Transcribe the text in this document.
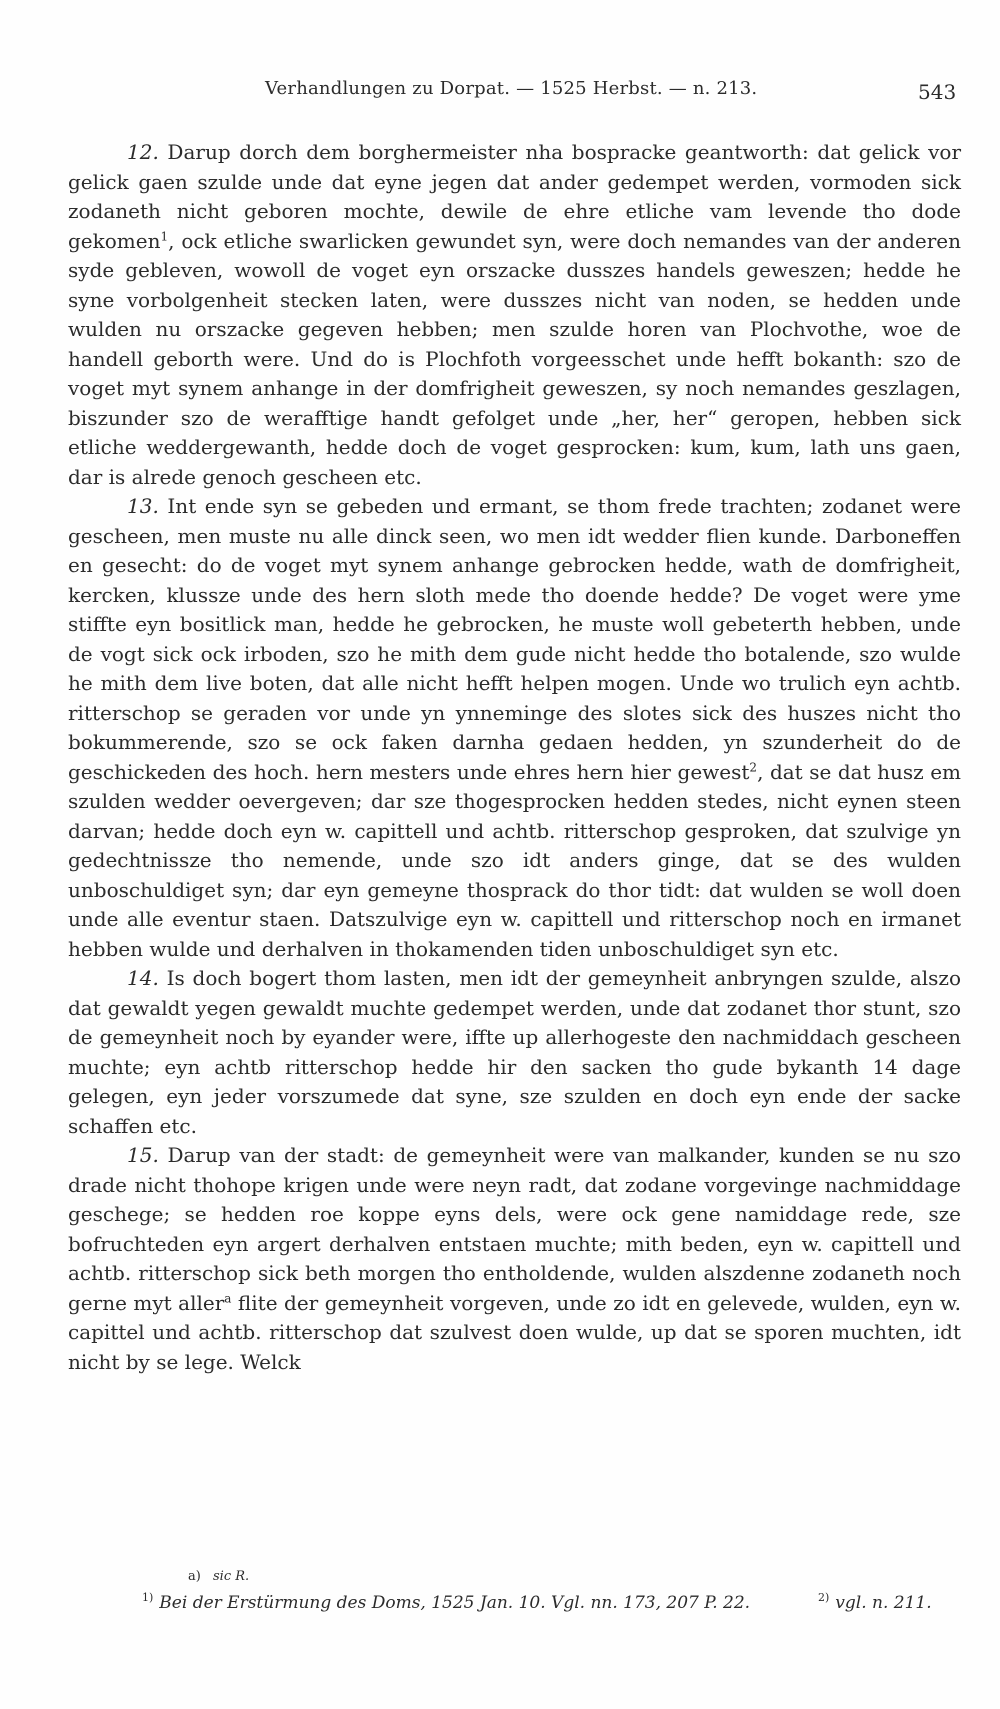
Verhandlungen zu Dorpat. — 1525 Herbst. — n. 213.	543

12. Darup dorch dem borghermeister nha bospracke geantworth: dat gelick vor gelick gaen szulde unde dat eyne jegen dat ander gedempet werden, vormoden sick zodaneth nicht geboren mochte, dewile de ehre etliche vam levende tho dode gekomen$^1$, ock etliche swarlicken gewundet syn, were doch nemandes van der anderen syde gebleven, wowoll de voget eyn orszacke dusszes handels geweszen; hedde he syne vorbolgenheit stecken laten, were dusszes nicht van noden, se hedden unde wulden nu orszacke gegeven hebben; men szulde horen van Plochvothe, woe de handell geborth were. Und do is Plochfoth vorgeesschet unde hefft bokanth: szo de voget myt synem anhange in der domfrigheit geweszen, sy noch nemandes geszlagen, biszunder szo de werafftige handt gefolget unde „her, her“ geropen, hebben sick etliche weddergewanth, hedde doch de voget gesprocken: kum, kum, lath uns gaen, dar is alrede genoch gescheen etc.

13. Int ende syn se gebeden und ermant, se thom frede trachten; zodanet were gescheen, men muste nu alle dinck seen, wo men idt wedder flien kunde. Darboneffen en gesecht: do de voget myt synem anhange gebrocken hedde, wath de domfrigheit, kercken, klussze unde des hern sloth mede tho doende hedde? De voget were yme stiffte eyn bositlick man, hedde he gebrocken, he muste woll gebeterth hebben, unde de vogt sick ock irboden, szo he mith dem gude nicht hedde tho botalende, szo wulde he mith dem live boten, dat alle nicht hefft helpen mogen. Unde wo trulich eyn achtb. ritterschop se geraden vor unde yn ynneminge des slotes sick des huszes nicht tho bokummerende, szo se ock faken darnha gedaen hedden, yn szunderheit do de geschickeden des hoch. hern mesters unde ehres hern hier gewest$^2$, dat se dat husz em szulden wedder oevergeven; dar sze thogesprocken hedden stedes, nicht eynen steen darvan; hedde doch eyn w. capittell und achtb. ritterschop gesproken, dat szulvige yn gedechtnissze tho nemende, unde szo idt anders ginge, dat se des wulden unboschuldiget syn; dar eyn gemeyne thosprack do thor tidt: dat wulden se woll doen unde alle eventur staen. Datszulvige eyn w. capittell und ritterschop noch en irmanet hebben wulde und derhalven in thokamenden tiden unboschuldiget syn etc.

14. Is doch bogert thom lasten, men idt der gemeynheit anbryngen szulde, alszo dat gewaldt yegen gewaldt muchte gedempet werden, unde dat zodanet thor stunt, szo de gemeynheit noch by eyander were, iffte up allerhogeste den nachmiddach gescheen muchte; eyn achtb ritterschop hedde hir den sacken tho gude bykanth 14 dage gelegen, eyn jeder vorszumede dat syne, sze szulden en doch eyn ende der sacke schaffen etc.

15. Darup van der stadt: de gemeynheit were van malkander, kunden se nu szo drade nicht thohope krigen unde were neyn radt, dat zodane vorgevinge nachmiddage geschege; se hedden roe koppe eyns dels, were ock gene namiddage rede, sze bofruchteden eyn argert derhalven entstaen muchte; mith beden, eyn w. capittell und achtb. ritterschop sick beth morgen tho entholdende, wulden alszdenne zodaneth noch gerne myt aller$^a$ flite der gemeynheit vorgeven, unde zo idt en gelevede, wulden, eyn w. capittel und achtb. ritterschop dat szulvest doen wulde, up dat se sporen muchten, idt nicht by se lege. Welck

a) sic R.
$^{1)}$ Bei der Erstürmung des Doms, 1525 Jan. 10. Vgl. nn. 173, 207 P. 22.	$^{2)}$ vgl. n. 211.
